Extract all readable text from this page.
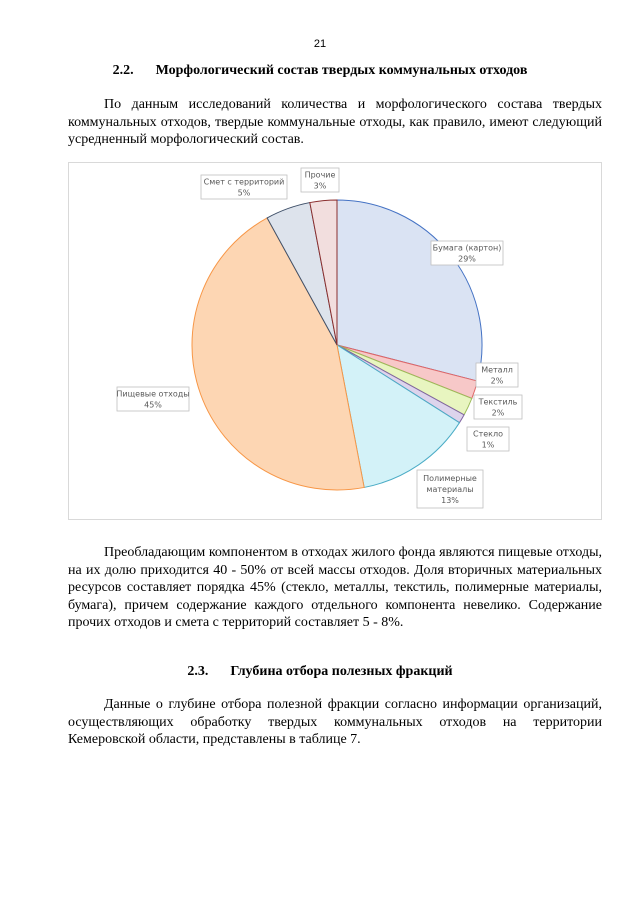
21
2.2. Морфологический состав твердых коммунальных отходов

По данным исследований количества и морфологического состава твердых коммунальных отходов, твердые коммунальные отходы, как правило, имеют следующий усредненный морфологический состав.

Бумага (картон)
29%
Металл
2%
Текстиль
2%
Стекло
1%
Полимерные
материалы
13%
Пищевые отходы
45%
Смет с территорий
5%
Прочие
3%

Преобладающим компонентом в отходах жилого фонда являются пищевые отходы, на их долю приходится 40 - 50% от всей массы отходов. Доля вторичных материальных ресурсов составляет порядка 45% (стекло, металлы, текстиль, полимерные материалы, бумага), причем содержание каждого отдельного компонента невелико. Содержание прочих отходов и смета с территорий составляет 5 - 8%.

2.3. Глубина отбора полезных фракций

Данные о глубине отбора полезной фракции согласно информации организаций, осуществляющих обработку твердых коммунальных отходов на территории Кемеровской области, представлены в таблице 7.
